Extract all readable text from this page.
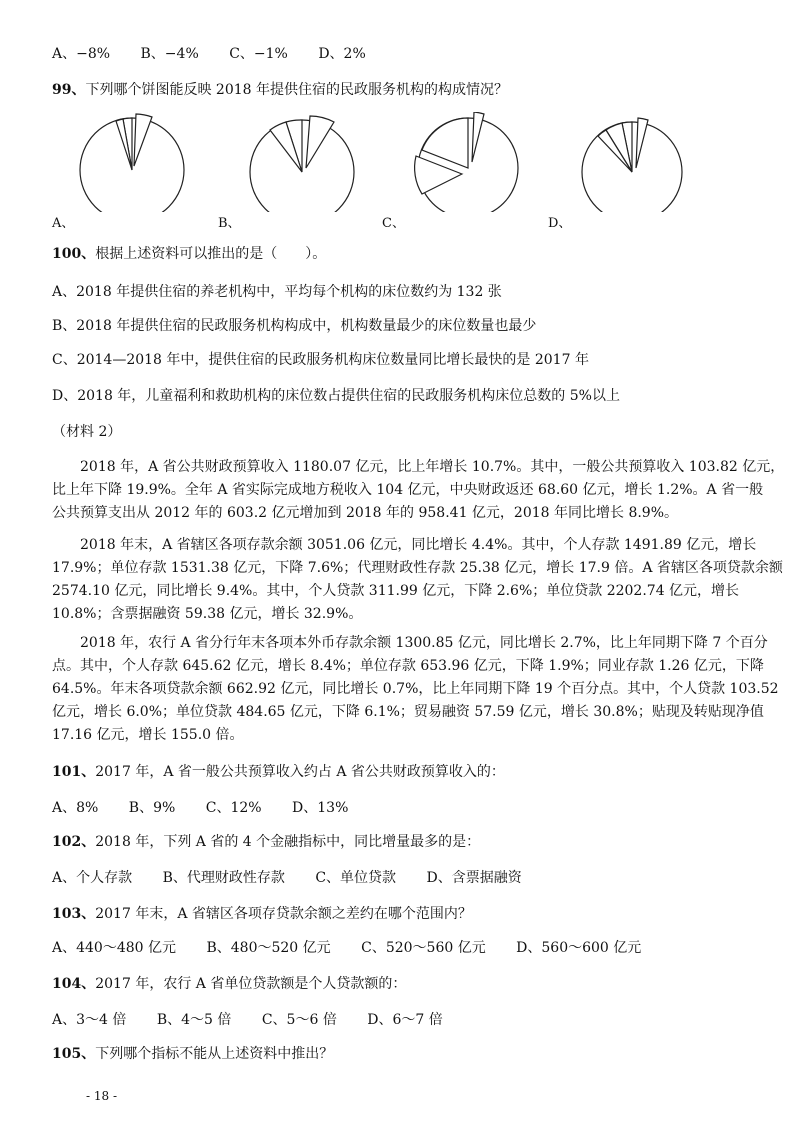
A、−8% B、−4% C、−1% D、2%
99、下列哪个饼图能反映 2018 年提供住宿的民政服务机构的构成情况？
A、	B、	C、	D、
100、根据上述资料可以推出的是（　　）。
A、2018 年提供住宿的养老机构中，平均每个机构的床位数约为 132 张
B、2018 年提供住宿的民政服务机构构成中，机构数量最少的床位数量也最少
C、2014—2018 年中，提供住宿的民政服务机构床位数量同比增长最快的是 2017 年
D、2018 年，儿童福利和救助机构的床位数占提供住宿的民政服务机构床位总数的 5%以上
（材料 2）
2018 年，A 省公共财政预算收入 1180.07 亿元，比上年增长 10.7%。其中，一般公共预算收入 103.82 亿元，
比上年下降 19.9%。全年 A 省实际完成地方税收入 104 亿元，中央财政返还 68.60 亿元，增长 1.2%。A 省一般
公共预算支出从 2012 年的 603.2 亿元增加到 2018 年的 958.41 亿元，2018 年同比增长 8.9%。
2018 年末，A 省辖区各项存款余额 3051.06 亿元，同比增长 4.4%。其中，个人存款 1491.89 亿元，增长
17.9%；单位存款 1531.38 亿元，下降 7.6%；代理财政性存款 25.38 亿元，增长 17.9 倍。A 省辖区各项贷款余额
2574.10 亿元，同比增长 9.4%。其中，个人贷款 311.99 亿元，下降 2.6%；单位贷款 2202.74 亿元，增长
10.8%；含票据融资 59.38 亿元，增长 32.9%。
2018 年，农行 A 省分行年末各项本外币存款余额 1300.85 亿元，同比增长 2.7%，比上年同期下降 7 个百分
点。其中，个人存款 645.62 亿元，增长 8.4%；单位存款 653.96 亿元，下降 1.9%；同业存款 1.26 亿元，下降
64.5%。年末各项贷款余额 662.92 亿元，同比增长 0.7%，比上年同期下降 19 个百分点。其中，个人贷款 103.52
亿元，增长 6.0%；单位贷款 484.65 亿元，下降 6.1%；贸易融资 57.59 亿元，增长 30.8%；贴现及转贴现净值
17.16 亿元，增长 155.0 倍。
101、2017 年，A 省一般公共预算收入约占 A 省公共财政预算收入的：
A、8% B、9% C、12% D、13%
102、2018 年，下列 A 省的 4 个金融指标中，同比增量最多的是：
A、个人存款 B、代理财政性存款 C、单位贷款 D、含票据融资
103、2017 年末，A 省辖区各项存贷款余额之差约在哪个范围内？
A、440～480 亿元 B、480～520 亿元 C、520～560 亿元 D、560～600 亿元
104、2017 年，农行 A 省单位贷款额是个人贷款额的：
A、3～4 倍 B、4～5 倍 C、5～6 倍 D、6～7 倍
105、下列哪个指标不能从上述资料中推出？
- 18 -
